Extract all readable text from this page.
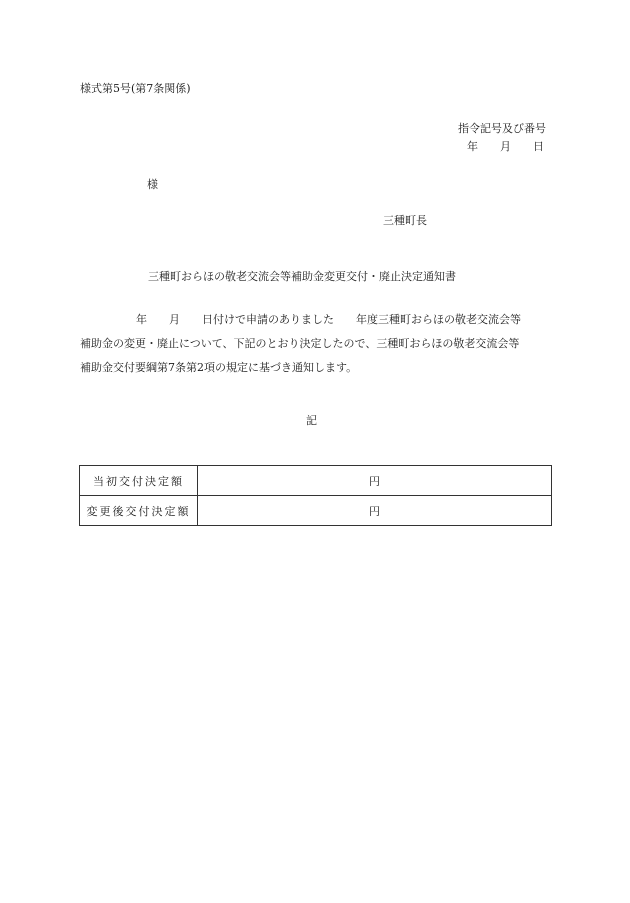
様式第5号(第7条関係)
指令記号及び番号
年 月 日
様
三種町長
三種町おらほの敬老交流会等補助金変更交付・廃止決定通知書
年 月 日付けで申請のありました 年度三種町おらほの敬老交流会等
補助金の変更・廃止について、下記のとおり決定したので、三種町おらほの敬老交流会等
補助金交付要綱第7条第2項の規定に基づき通知します。
記
当初交付決定額	円
変更後交付決定額	円
